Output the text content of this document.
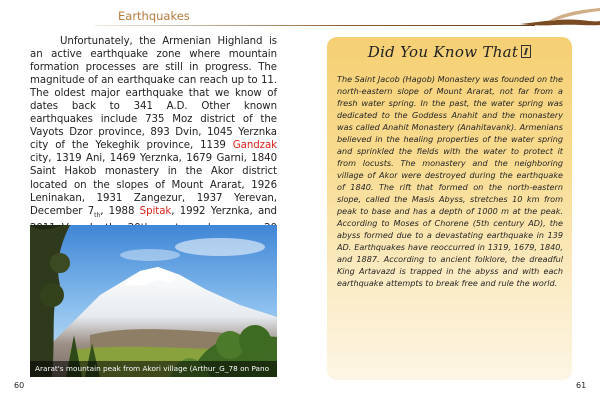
Earthquakes
Unfortunately, the Armenian Highland is an active earthquake zone where mountain formation processes are still in progress. The magnitude of an earthquake can reach up to 11. The oldest major earthquake that we know of dates back to 341 A.D. Other known earthquakes include 735 Moz district of the Vayots Dzor province, 893 Dvin, 1045 Yerznka city of the Yekeghik province, 1139 Gandzak city, 1319 Ani, 1469 Yerznka, 1679 Garni, 1840 Saint Hakob monastery in the Akor district located on the slopes of Mount Ararat, 1926 Leninakan, 1931 Zangezur, 1937 Yerevan, December $7_{th}$, 1988 Spitak, 1992 Yerznka, and
Ararat's mountain peak from Akori village (Arthur_G_78 on Pano
60	61
Did You Know That
The Saint Jacob (Hagob) Monastery was founded on the north-eastern slope of Mount Ararat, not far from a fresh water spring. In the past, the water spring was dedicated to the Goddess Anahit and the monastery was called Anahit Monastery (Anahitavank). Armenians believed in the healing properties of the water spring and sprinkled the fields with the water to protect it from locusts. The monastery and the neighboring village of Akor were destroyed during the earthquake of 1840. The rift that formed on the north-eastern slope, called the Masis Abyss, stretches 10 km from peak to base and has a depth of 1000 m at the peak. According to Moses of Chorene (5th century AD), the abyss formed due to a devastating earthquake in 139 AD. Earthquakes have reoccurred in 1319, 1679, 1840, and 1887. According to ancient folklore, the dreadful King Artavazd is trapped in the abyss and with each earthquake attempts to break free and rule the world.
